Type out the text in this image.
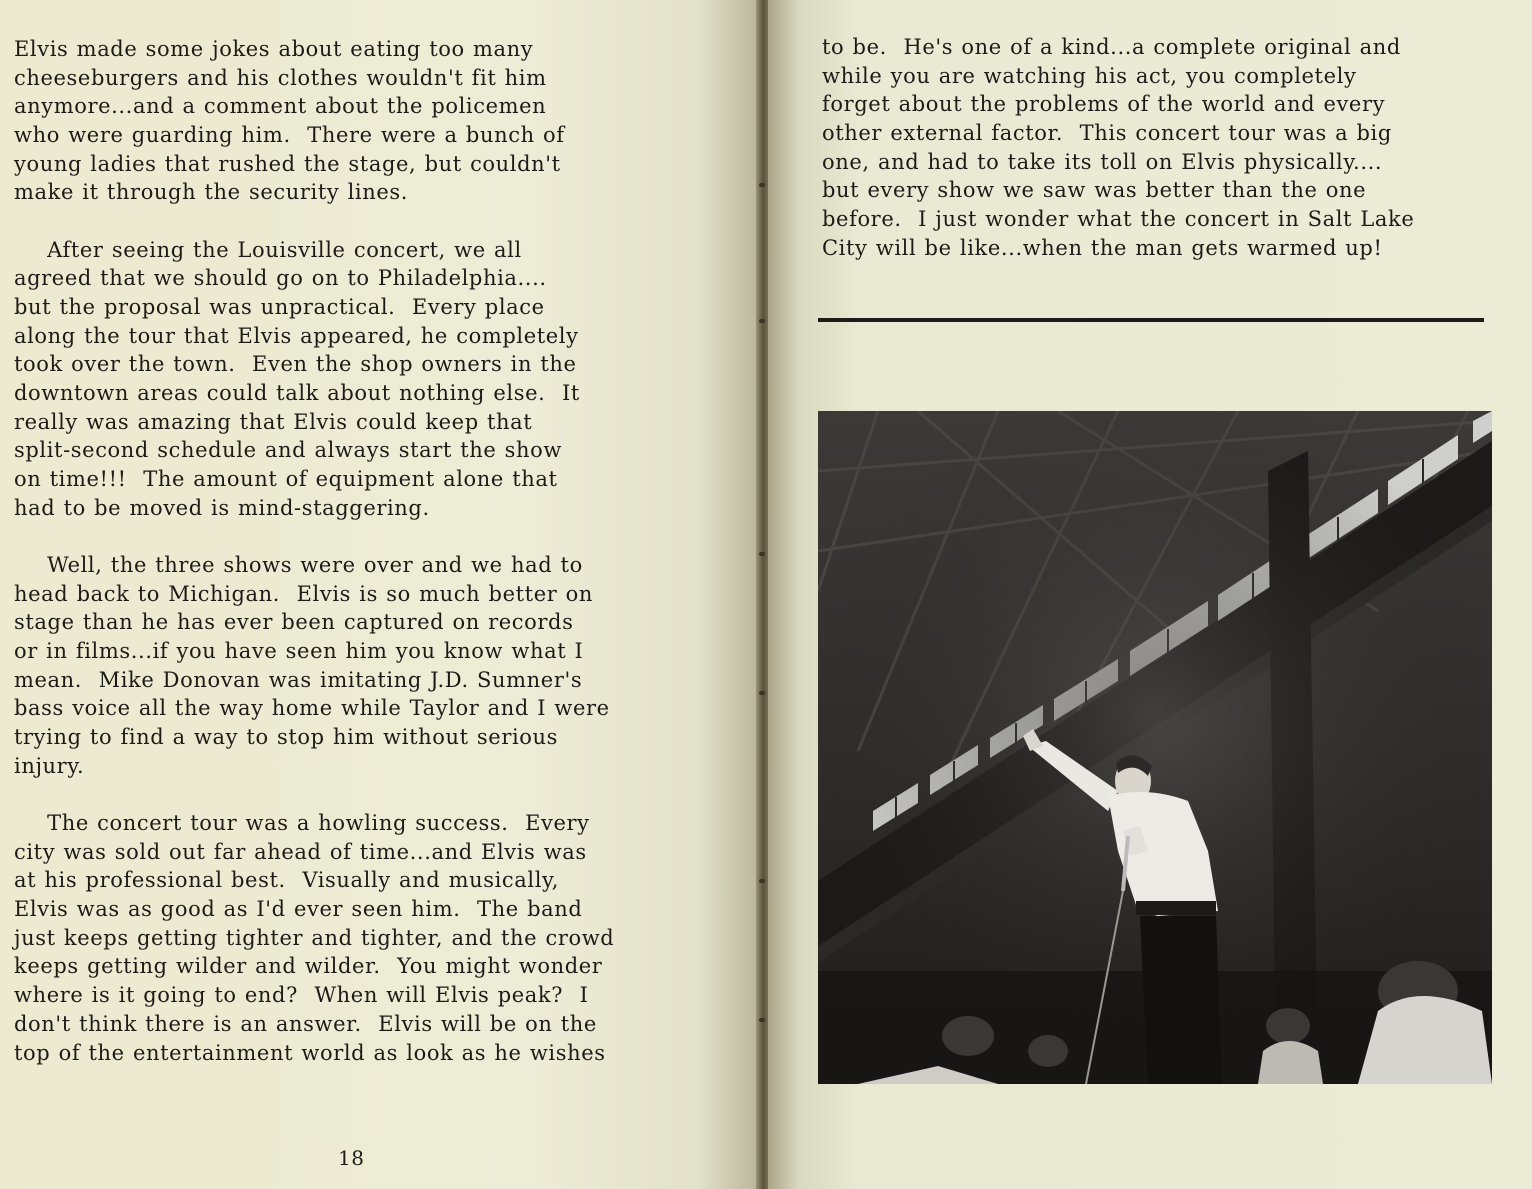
Elvis made some jokes about eating too many
cheeseburgers and his clothes wouldn't fit him
anymore...and a comment about the policemen
who were guarding him.  There were a bunch of
young ladies that rushed the stage, but couldn't
make it through the security lines.
After seeing the Louisville concert, we all
agreed that we should go on to Philadelphia....
but the proposal was unpractical.  Every place
along the tour that Elvis appeared, he completely
took over the town.  Even the shop owners in the
downtown areas could talk about nothing else.  It
really was amazing that Elvis could keep that
split-second schedule and always start the show
on time!!!  The amount of equipment alone that
had to be moved is mind-staggering.
Well, the three shows were over and we had to
head back to Michigan.  Elvis is so much better on
stage than he has ever been captured on records
or in films...if you have seen him you know what I
mean.  Mike Donovan was imitating J.D. Sumner's
bass voice all the way home while Taylor and I were
trying to find a way to stop him without serious
injury.
The concert tour was a howling success.  Every
city was sold out far ahead of time...and Elvis was
at his professional best.  Visually and musically,
Elvis was as good as I'd ever seen him.  The band
just keeps getting tighter and tighter, and the crowd
keeps getting wilder and wilder.  You might wonder
where is it going to end?  When will Elvis peak?  I
don't think there is an answer.  Elvis will be on the
top of the entertainment world as look as he wishes
18
to be.  He's one of a kind...a complete original and
while you are watching his act, you completely
forget about the problems of the world and every
other external factor.  This concert tour was a big
one, and had to take its toll on Elvis physically....
but every show we saw was better than the one
before.  I just wonder what the concert in Salt Lake
City will be like...when the man gets warmed up!
